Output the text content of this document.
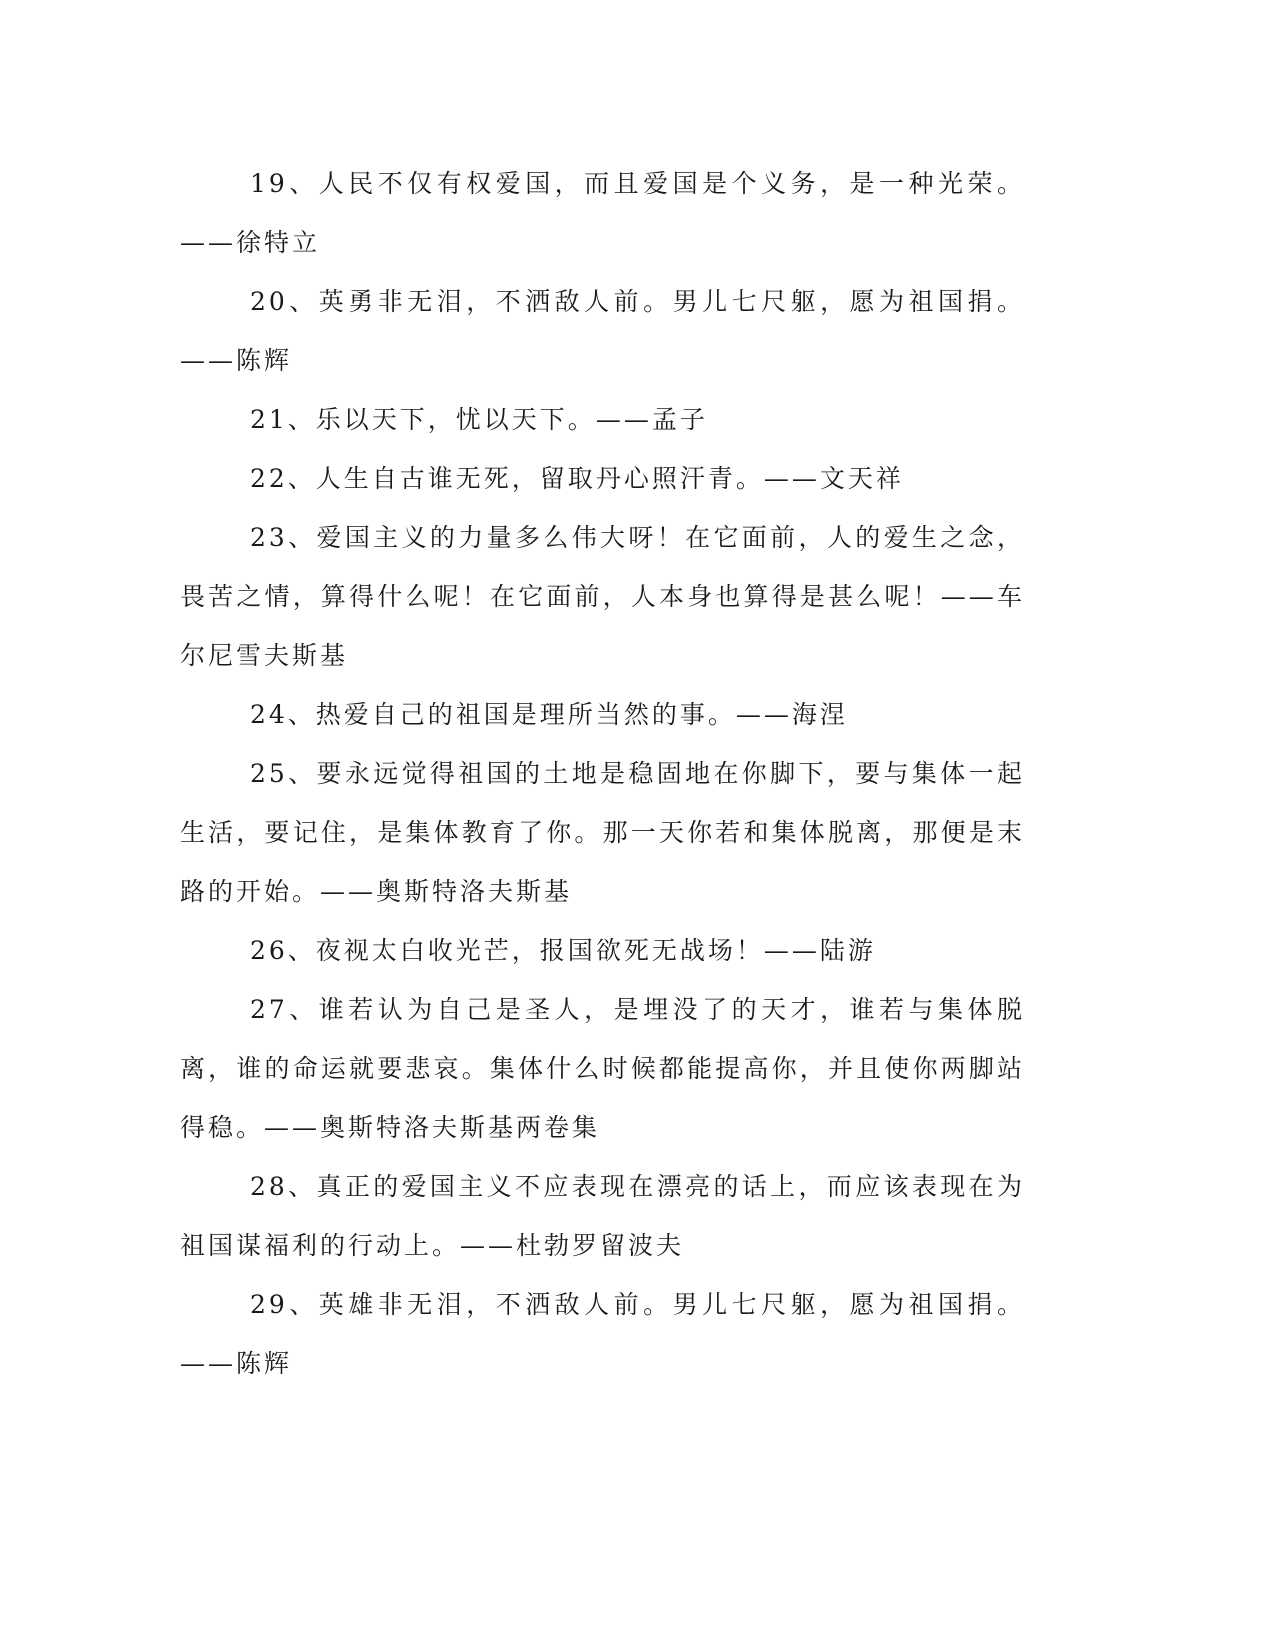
19、人民不仅有权爱国，而且爱国是个义务，是一种光荣。——徐特立

20、英勇非无泪，不洒敌人前。男儿七尺躯，愿为祖国捐。——陈辉

21、乐以天下，忧以天下。——孟子

22、人生自古谁无死，留取丹心照汗青。——文天祥

23、爱国主义的力量多么伟大呀！在它面前，人的爱生之念，畏苦之情，算得什么呢！在它面前，人本身也算得是甚么呢！——车尔尼雪夫斯基

24、热爱自己的祖国是理所当然的事。——海涅

25、要永远觉得祖国的土地是稳固地在你脚下，要与集体一起生活，要记住，是集体教育了你。那一天你若和集体脱离，那便是末路的开始。——奥斯特洛夫斯基

26、夜视太白收光芒，报国欲死无战场！——陆游

27、谁若认为自己是圣人，是埋没了的天才，谁若与集体脱离，谁的命运就要悲哀。集体什么时候都能提高你，并且使你两脚站得稳。——奥斯特洛夫斯基两卷集

28、真正的爱国主义不应表现在漂亮的话上，而应该表现在为祖国谋福利的行动上。——杜勃罗留波夫

29、英雄非无泪，不洒敌人前。男儿七尺躯，愿为祖国捐。——陈辉
